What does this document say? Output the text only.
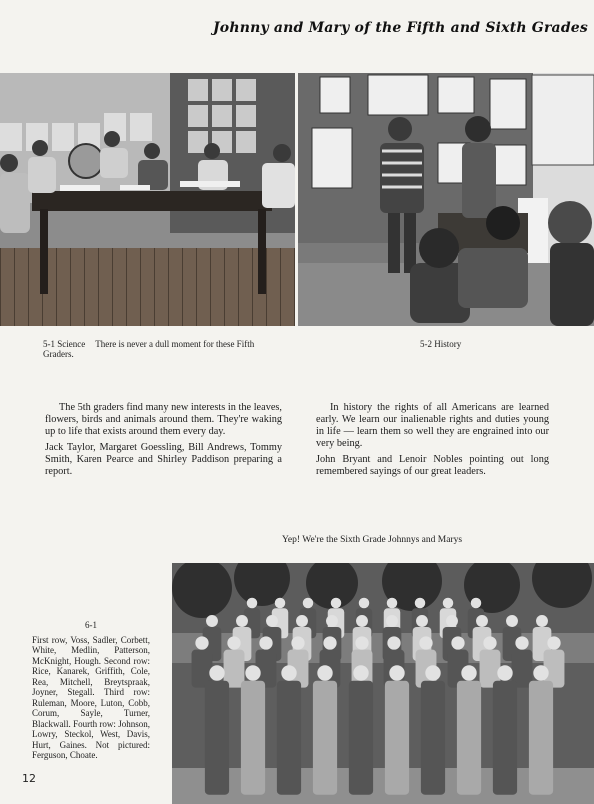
Johnny and Mary of the Fifth and Sixth Grades
5-1 Science There is never a dull moment for these Fifth Graders.
5-2 History

The 5th graders find many new interests in the leaves, flowers, birds and animals around them. They're waking up to life that exists around them every day.

Jack Taylor, Margaret Goessling, Bill Andrews, Tommy Smith, Karen Pearce and Shirley Paddison preparing a report.

In history the rights of all Americans are learned early. We learn our inalienable rights and duties young in life — learn them so well they are engrained into our very being.

John Bryant and Lenoir Nobles pointing out long remembered sayings of our great leaders.

Yep! We're the Sixth Grade Johnnys and Marys
6-1
First row, Voss, Sadler, Corbett, White, Medlin, Patterson, McKnight, Hough. Second row: Rice, Kanarek, Griffith, Cole, Rea, Mitchell, Breytspraak, Joyner, Stegall. Third row: Ruleman, Moore, Luton, Cobb, Corum, Sayle, Turner, Blackwall. Fourth row: Johnson, Lowry, Steckol, West, Davis, Hurt, Gaines. Not pictured: Ferguson, Choate.
12
